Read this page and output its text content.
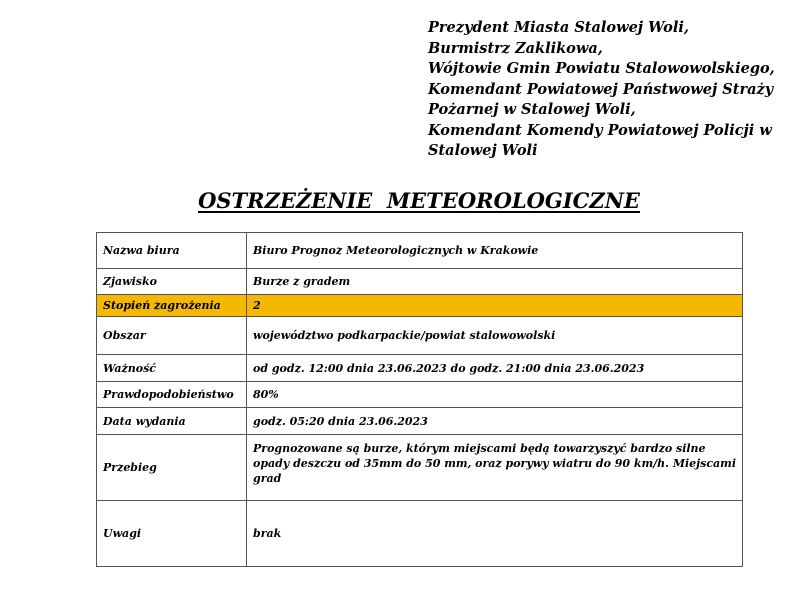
Prezydent Miasta Stalowej Woli,
Burmistrz Zaklikowa,
Wójtowie Gmin Powiatu Stalowowolskiego,
Komendant Powiatowej Państwowej Straży
Pożarnej w Stalowej Woli,
Komendant Komendy Powiatowej Policji w
Stalowej Woli
OSTRZEŻENIE  METEOROLOGICZNE
Nazwa biura	Biuro Prognoz Meteorologicznych w Krakowie
Zjawisko	Burze z gradem
Stopień zagrożenia	2
Obszar	województwo podkarpackie/powiat stalowowolski
Ważność	od godz. 12:00 dnia 23.06.2023 do godz. 21:00 dnia 23.06.2023
Prawdopodobieństwo	80%
Data wydania	godz. 05:20 dnia 23.06.2023
Przebieg	Prognozowane są burze, którym miejscami będą towarzyszyć bardzo silne opady deszczu od 35mm do 50 mm, oraz porywy wiatru do 90 km/h. Miejscami grad

Uwagi	brak
